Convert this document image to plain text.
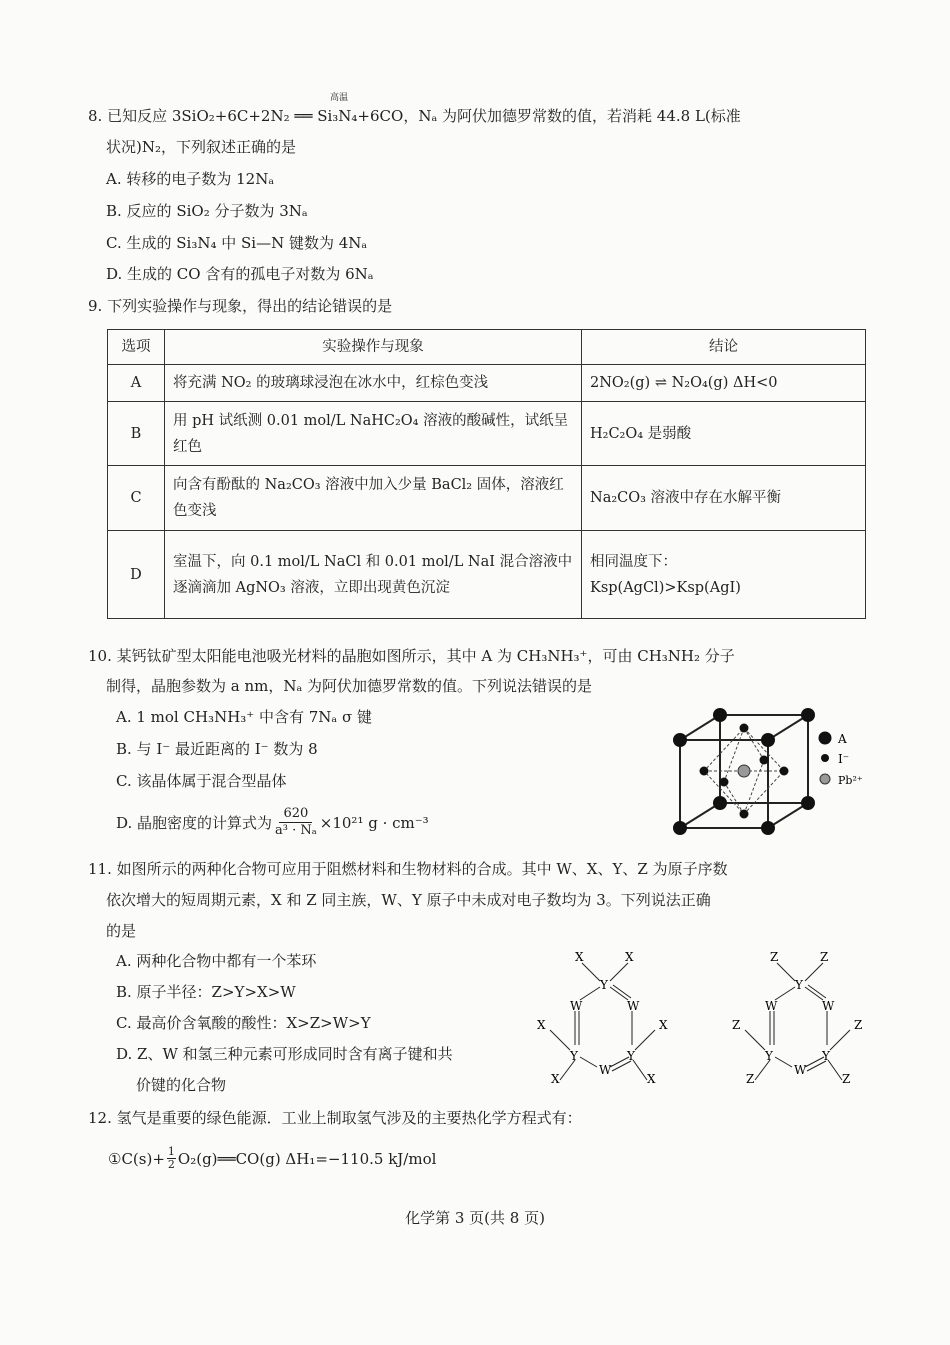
高温
8. 已知反应 3SiO₂+6C+2N₂ ══ Si₃N₄+6CO，Nₐ 为阿伏加德罗常数的值，若消耗 44.8 L(标准
状况)N₂，下列叙述正确的是
A. 转移的电子数为 12Nₐ
B. 反应的 SiO₂ 分子数为 3Nₐ
C. 生成的 Si₃N₄ 中 Si—N 键数为 4Nₐ
D. 生成的 CO 含有的孤电子对数为 6Nₐ
9. 下列实验操作与现象，得出的结论错误的是
选项	实验操作与现象	结论
A	将充满 NO₂ 的玻璃球浸泡在冰水中，红棕色变浅	2NO₂(g) ⇌ N₂O₄(g) ΔH<0
B	用 pH 试纸测 0.01 mol/L NaHC₂O₄ 溶液的酸碱性，试纸呈红色	H₂C₂O₄ 是弱酸
C	向含有酚酞的 Na₂CO₃ 溶液中加入少量 BaCl₂ 固体，溶液红色变浅	Na₂CO₃ 溶液中存在水解平衡
D	室温下，向 0.1 mol/L NaCl 和 0.01 mol/L NaI 混合溶液中逐滴滴加 AgNO₃ 溶液，立即出现黄色沉淀	相同温度下：
Ksp(AgCl)>Ksp(AgI)
10. 某钙钛矿型太阳能电池吸光材料的晶胞如图所示，其中 A 为 CH₃NH₃⁺，可由 CH₃NH₂ 分子
制得，晶胞参数为 a nm，Nₐ 为阿伏加德罗常数的值。下列说法错误的是
A. 1 mol CH₃NH₃⁺ 中含有 7Nₐ σ 键
B. 与 I⁻ 最近距离的 I⁻ 数为 8
C. 该晶体属于混合型晶体
D. 晶胞密度的计算式为 $\frac{620}{\text{a³ · Nₐ}} \times 10^{21}$ g · cm⁻³
A
I⁻
Pb²⁺
11. 如图所示的两种化合物可应用于阻燃材料和生物材料的合成。其中 W、X、Y、Z 为原子序数
依次增大的短周期元素，X 和 Z 同主族，W、Y 原子中未成对电子数均为 3。下列说法正确
的是
A. 两种化合物中都有一个苯环
B. 原子半径：Z>Y>X>W
C. 最高价含氧酸的酸性：X>Z>W>Y
D. Z、W 和氢三种元素可形成同时含有离子键和共
价键的化合物
X	X
Y
W	W
X
Y	Y
X
W
X	X
Z	Z
Y
W	W
Z
Y	Y
Z
W
Z	Z
12. 氢气是重要的绿色能源．工业上制取氢气涉及的主要热化学方程式有：
①C(s)+ $\frac{1}{2}$ O₂(g)══CO(g) ΔH₁=−110.5 kJ/mol
化学第 3 页(共 8 页)
